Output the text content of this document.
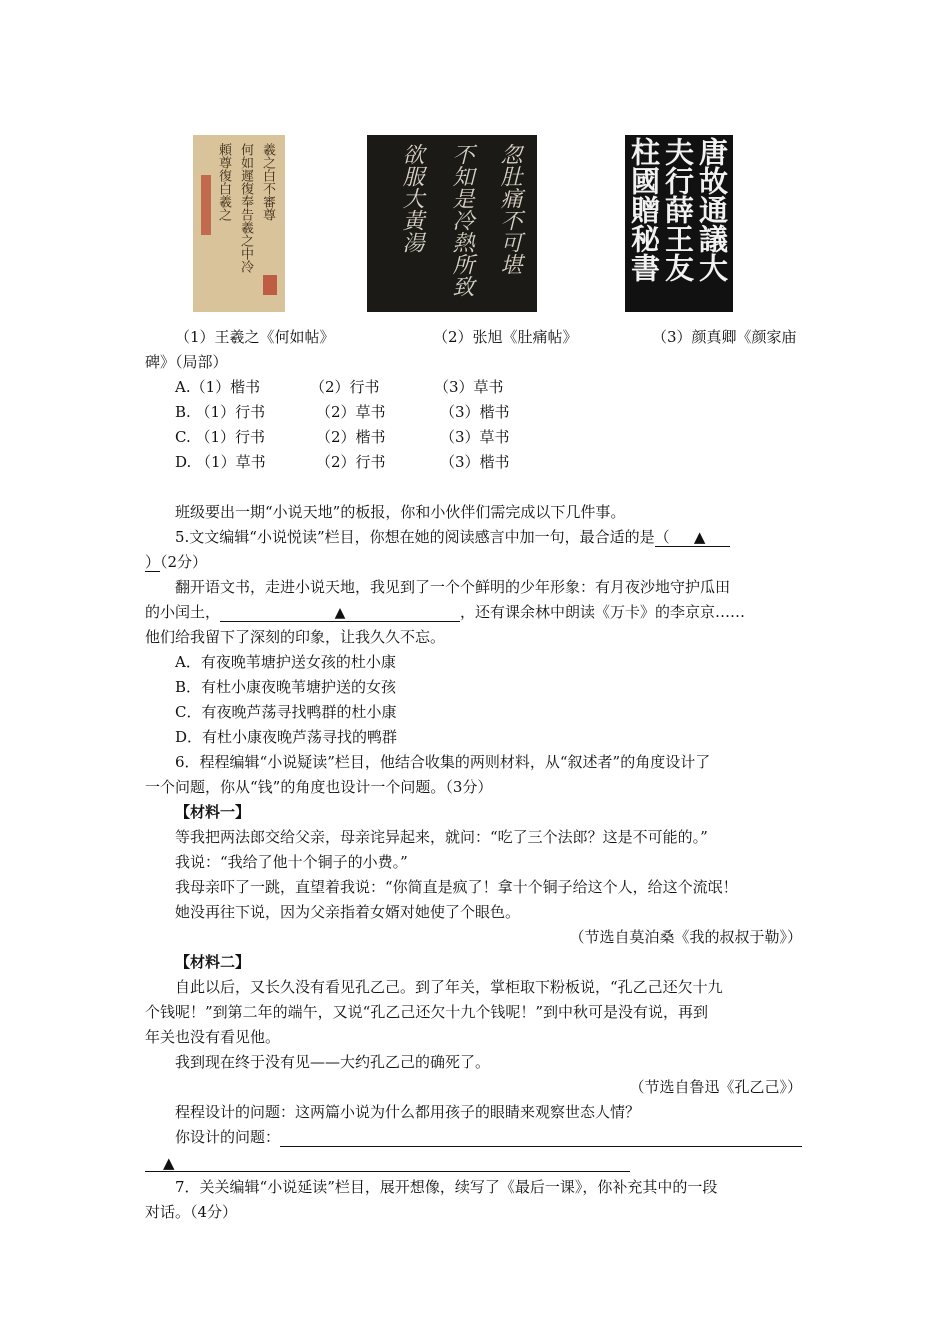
羲之白不審尊
何如遲復奉告羲之中冷
頼尊復白羲之	忽肚痛不可堪
不知是冷熱所致
欲服大黃湯	唐故通議大
夫行薛王友
柱國贈秘書
（1）王羲之《何如帖》	（2）张旭《肚痛帖》	（3）颜真卿《颜家庙
碑》（局部）
A.（1）楷书	（2）行书	（3）草书
B. （1）行书	（2）草书	（3）楷书
C. （1）行书	（2）楷书	（3）草书
D. （1）草书	（2）行书	（3）楷书
班级要出一期“小说天地”的板报，你和小伙伴们需完成以下几件事。
5.文文编辑“小说悦读”栏目，你想在她的阅读感言中加一句，最合适的是（ ▲
）（2分）
翻开语文书，走进小说天地，我见到了一个个鲜明的少年形象：有月夜沙地守护瓜田
的小闰土，	▲	，还有课余林中朗读《万卡》的李京京……
他们给我留下了深刻的印象，让我久久不忘。
A．有夜晚苇塘护送女孩的杜小康
B．有杜小康夜晚苇塘护送的女孩
C．有夜晚芦荡寻找鸭群的杜小康
D．有杜小康夜晚芦荡寻找的鸭群
6．程程编辑“小说疑读”栏目，他结合收集的两则材料，从“叙述者”的角度设计了
一个问题，你从“钱”的角度也设计一个问题。（3分）
【材料一】
等我把两法郎交给父亲，母亲诧异起来，就问：“吃了三个法郎？这是不可能的。”
我说：“我给了他十个铜子的小费。”
我母亲吓了一跳，直望着我说：“你简直是疯了！拿十个铜子给这个人，给这个流氓！
她没再往下说，因为父亲指着女婿对她使了个眼色。
（节选自莫泊桑《我的叔叔于勒》）
【材料二】
自此以后，又长久没有看见孔乙己。到了年关，掌柜取下粉板说，“孔乙己还欠十九
个钱呢！”到第二年的端午，又说“孔乙己还欠十九个钱呢！”到中秋可是没有说，再到
年关也没有看见他。
我到现在终于没有见——大约孔乙己的确死了。
（节选自鲁迅《孔乙己》）
程程设计的问题：这两篇小说为什么都用孩子的眼睛来观察世态人情？
你设计的问题：
▲
7．关关编辑“小说延读”栏目，展开想像，续写了《最后一课》，你补充其中的一段
对话。（4分）
